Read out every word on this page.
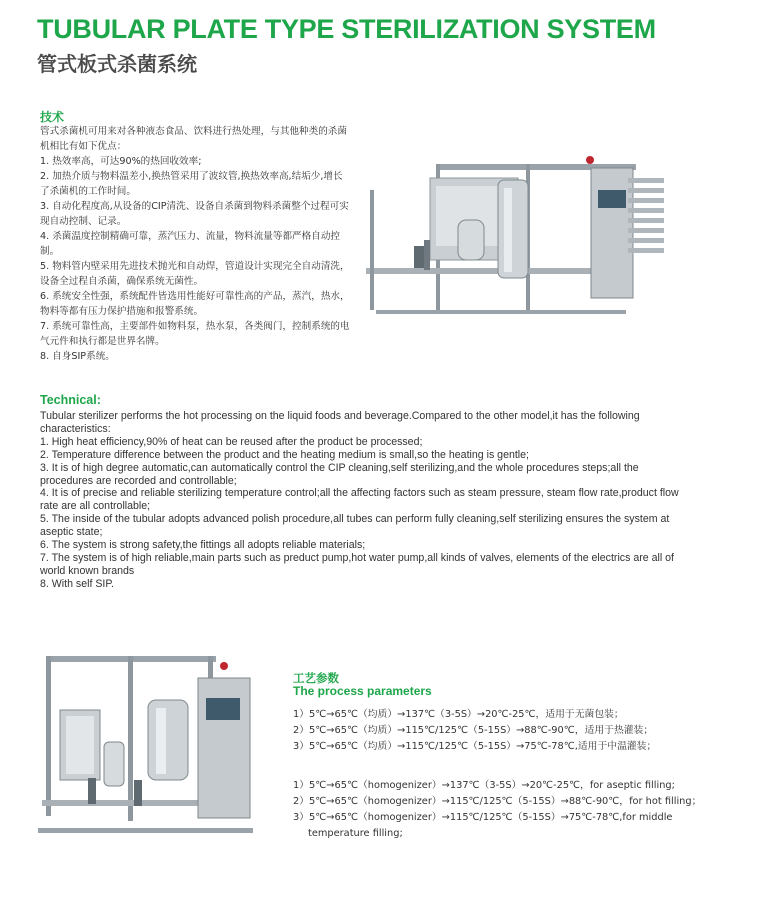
TUBULAR PLATE TYPE STERILIZATION SYSTEM
管式板式杀菌系统
技术

管式杀菌机可用来对各种液态食品、饮料进行热处理，与其他种类的杀菌机相比有如下优点：

1. 热效率高，可达90%的热回收效率;

2. 加热介质与物料温差小,换热管采用了波纹管,换热效率高,结垢少,增长了杀菌机的工作时间。

3. 自动化程度高,从设备的CIP清洗、设备自杀菌到物料杀菌整个过程可实现自动控制、记录。

4. 杀菌温度控制精确可靠，蒸汽压力、流量，物料流量等都严格自动控制。

5. 物料管内壁采用先进技术抛光和自动焊，管道设计实现完全自动清洗，设备全过程自杀菌，确保系统无菌性。

6. 系统安全性强，系统配件皆选用性能好可靠性高的产品，蒸汽，热水，物料等都有压力保护措施和报警系统。

7. 系统可靠性高，主要部件如物料泵，热水泵，各类阀门，控制系统的电气元件和执行都是世界名牌。

8. 自身SIP系统。

Technical:

Tubular sterilizer performs the hot processing on the liquid foods and beverage.Compared to the other model,it has the following characteristics:

1. High heat efficiency,90% of heat can be reused after the product be processed;

2. Temperature difference between the product and the heating medium is small,so the heating is gentle;

3. It is of high degree automatic,can automatically control the CIP cleaning,self sterilizing,and the whole procedures steps;all the procedures are recorded and controllable;

4. It is of precise and reliable sterilizing temperature control;all the affecting factors such as steam pressure, steam flow rate,product flow rate are all controllable;

5. The inside of the tubular adopts advanced polish procedure,all tubes can perform fully cleaning,self sterilizing ensures the system at aseptic state;

6. The system is strong safety,the fittings all adopts reliable materials;

7. The system is of high reliable,main parts such as preduct pump,hot water pump,all kinds of valves, elements of the electrics are all of world known brands

8. With self SIP.

工艺参数
The process parameters

1）5℃→65℃（均质）→137℃（3-5S）→20℃-25℃，适用于无菌包装；

2）5℃→65℃（均质）→115℃/125℃（5-15S）→88℃-90℃，适用于热灌装；

3）5℃→65℃（均质）→115℃/125℃（5-15S）→75℃-78℃,适用于中温灌装；

1）5℃→65℃（homogenizer）→137℃（3-5S）→20℃-25℃，for aseptic filling;

2）5℃→65℃（homogenizer）→115℃/125℃（5-15S）→88℃-90℃，for hot filling；

3）5℃→65℃（homogenizer）→115℃/125℃（5-15S）→75℃-78℃,for middle

temperature filling;
